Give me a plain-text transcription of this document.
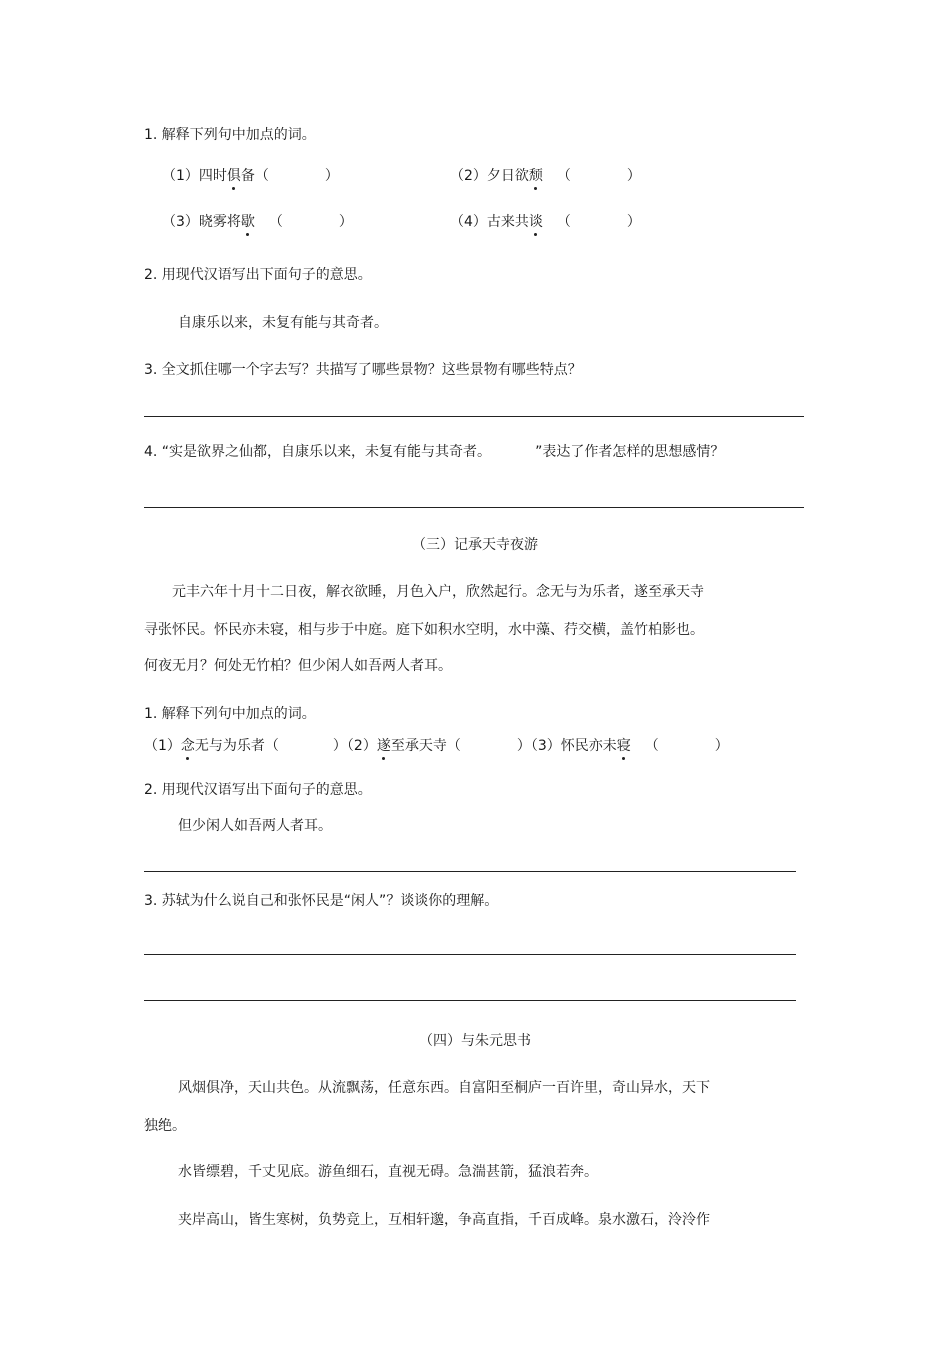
1. 解释下列句中加点的词。
（1）四时俱备（	）	（2）夕日欲颓 （	）
（3）晓雾将歇 （	）	（4）古来共谈 （	）
2. 用现代汉语写出下面句子的意思。
自康乐以来，未复有能与其奇者。
3. 全文抓住哪一个字去写？共描写了哪些景物？这些景物有哪些特点？
4. “实是欲界之仙都，自康乐以来，未复有能与其奇者。	”表达了作者怎样的思想感情？
（三）记承天寺夜游
元丰六年十月十二日夜，解衣欲睡，月色入户，欣然起行。念无与为乐者，遂至承天寺
寻张怀民。怀民亦未寝，相与步于中庭。庭下如积水空明，水中藻、荇交横，盖竹柏影也。
何夜无月？何处无竹柏？但少闲人如吾两人者耳。
1. 解释下列句中加点的词。
（1）念无与为乐者（	）（2）遂至承天寺（	）（3）怀民亦未寝 （	）
2. 用现代汉语写出下面句子的意思。
但少闲人如吾两人者耳。
3. 苏轼为什么说自己和张怀民是“闲人”？谈谈你的理解。
（四）与朱元思书
风烟俱净，天山共色。从流飘荡，任意东西。自富阳至桐庐一百许里，奇山异水，天下
独绝。
水皆缥碧，千丈见底。游鱼细石，直视无碍。急湍甚箭，猛浪若奔。
夹岸高山，皆生寒树，负势竞上，互相轩邈，争高直指，千百成峰。泉水激石，泠泠作
